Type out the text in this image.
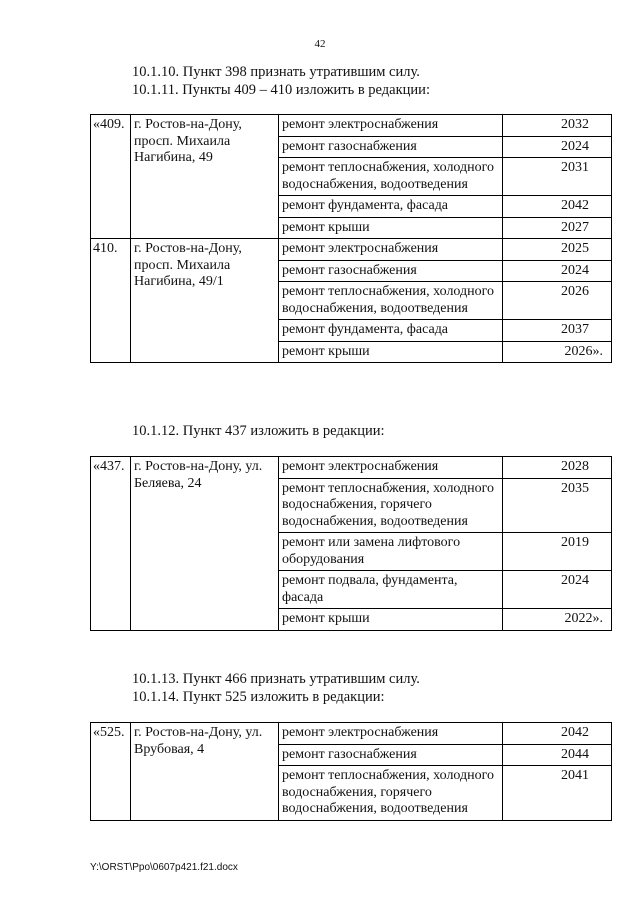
42
10.1.10. Пункт 398 признать утратившим силу.
10.1.11. Пункты 409 – 410 изложить в редакции:
«409.	г. Ростов-на-Дону, просп. Михаила Нагибина, 49	ремонт электроснабжения	2032
		ремонт газоснабжения	2024
		ремонт теплоснабжения, холодного водоснабжения, водоотведения	2031
		ремонт фундамента, фасада	2042
		ремонт крыши	2027
410.	г. Ростов-на-Дону, просп. Михаила Нагибина, 49/1	ремонт электроснабжения	2025
		ремонт газоснабжения	2024
		ремонт теплоснабжения, холодного водоснабжения, водоотведения	2026
		ремонт фундамента, фасада	2037
		ремонт крыши	2026».
10.1.12. Пункт 437 изложить в редакции:
«437.	г. Ростов-на-Дону, ул. Беляева, 24	ремонт электроснабжения	2028
		ремонт теплоснабжения, холодного водоснабжения, горячего водоснабжения, водоотведения	2035
		ремонт или замена лифтового оборудования	2019
		ремонт подвала, фундамента, фасада	2024
		ремонт крыши	2022».
10.1.13. Пункт 466 признать утратившим силу.
10.1.14. Пункт 525 изложить в редакции:
«525.	г. Ростов-на-Дону, ул. Врубовая, 4	ремонт электроснабжения	2042
		ремонт газоснабжения	2044
		ремонт теплоснабжения, холодного водоснабжения, горячего водоснабжения, водоотведения	2041
Y:\ORST\Ppo\0607p421.f21.docx
